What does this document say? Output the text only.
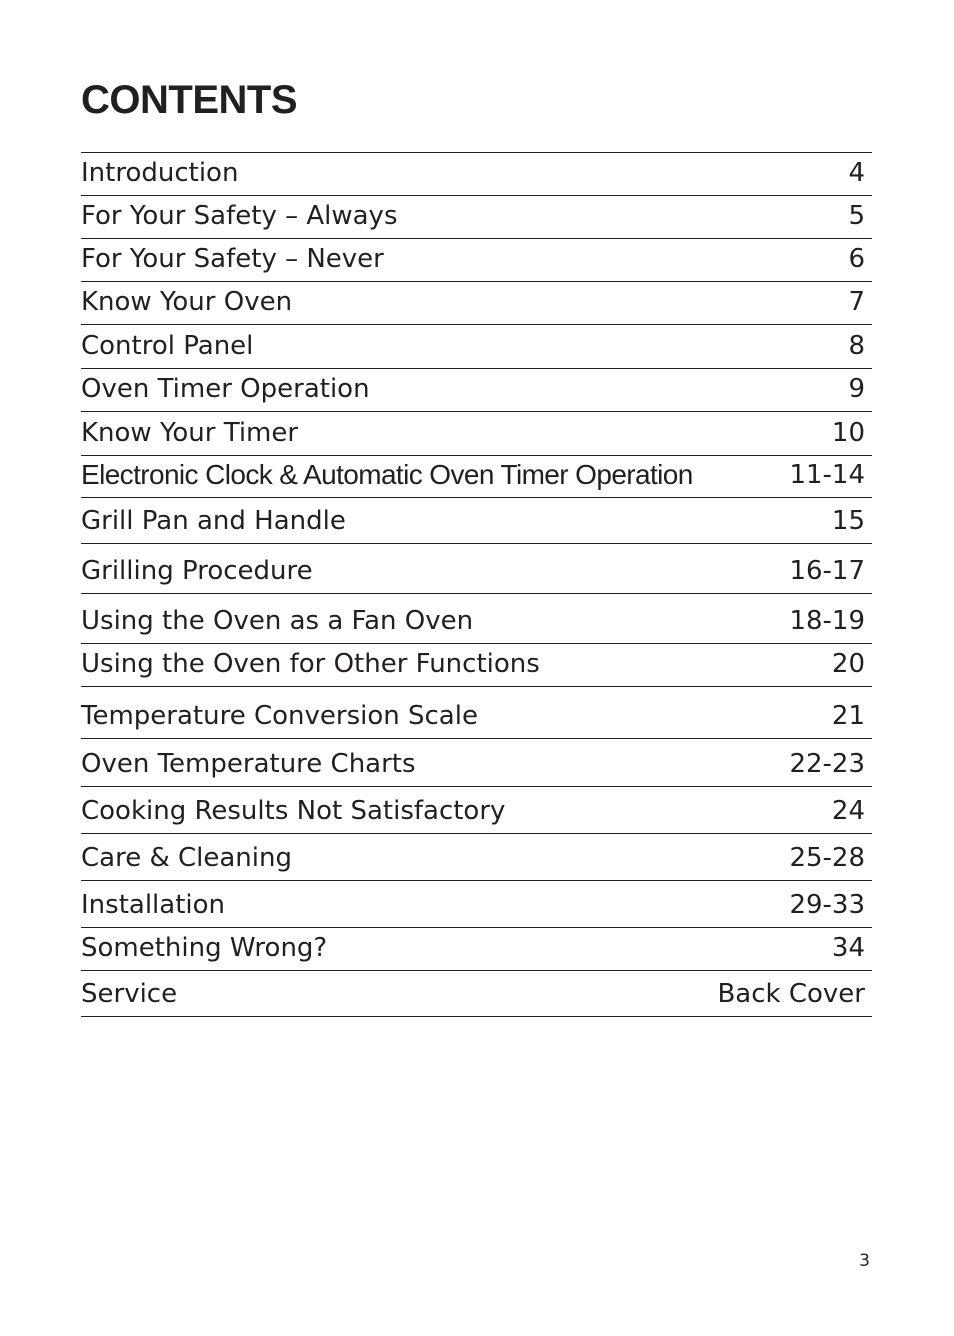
CONTENTS
Introduction	4
For Your Safety – Always	5
For Your Safety – Never	6
Know Your Oven	7
Control Panel	8
Oven Timer Operation	9
Know Your Timer	10
Electronic Clock & Automatic Oven Timer Operation	11-14
Grill Pan and Handle	15
Grilling Procedure	16-17
Using the Oven as a Fan Oven	18-19
Using the Oven for Other Functions	20
Temperature Conversion Scale	21
Oven Temperature Charts	22-23
Cooking Results Not Satisfactory	24
Care & Cleaning	25-28
Installation	29-33
Something Wrong?	34
Service	Back Cover
3
